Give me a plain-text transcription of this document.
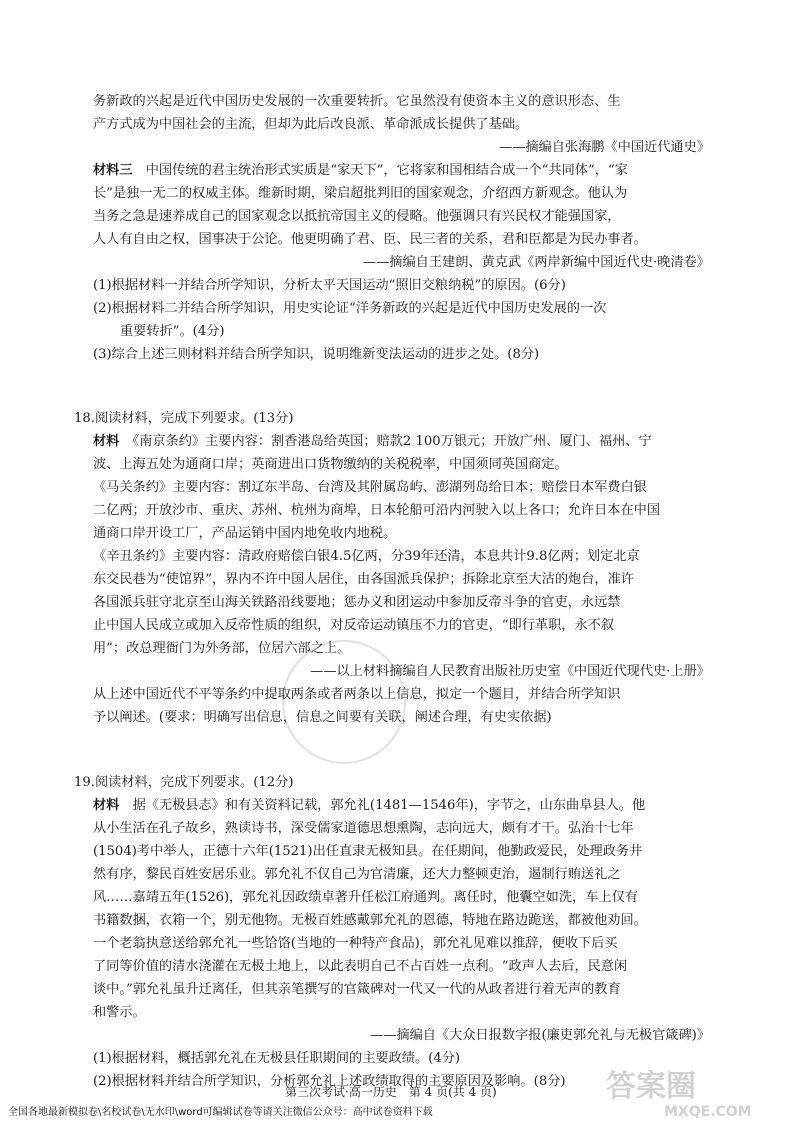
务新政的兴起是近代中国历史发展的一次重要转折。它虽然没有使资本主义的意识形态、生
产方式成为中国社会的主流，但却为此后改良派、革命派成长提供了基础。
——摘编自张海鹏《中国近代通史》
材料三　 中国传统的君主统治形式实质是“家天下”，它将家和国相结合成一个“共同体”，“家
长”是独一无二的权威主体。维新时期，梁启超批判旧的国家观念，介绍西方新观念。他认为
当务之急是速养成自己的国家观念以抵抗帝国主义的侵略。他强调只有兴民权才能强国家，
人人有自由之权，国事决于公论。他更明确了君、臣、民三者的关系，君和臣都是为民办事者。
——摘编自王建朗、黄克武《两岸新编中国近代史·晚清卷》
(1)根据材料一并结合所学知识，分析太平天国运动“照旧交粮纳税”的原因。(6分)
(2)根据材料二并结合所学知识，用史实论证“洋务新政的兴起是近代中国历史发展的一次
重要转折”。(4分)
(3)综合上述三则材料并结合所学知识，说明维新变法运动的进步之处。(8分)
18.阅读材料，完成下列要求。(13分)
材料　 《南京条约》主要内容：割香港岛给英国；赔款2 100万银元；开放广州、厦门、福州、宁
波、上海五处为通商口岸；英商进出口货物缴纳的关税税率，中国须同英国商定。
《马关条约》主要内容：割辽东半岛、台湾及其附属岛屿、澎湖列岛给日本；赔偿日本军费白银
二亿两；开放沙市、重庆、苏州、杭州为商埠，日本轮船可沿内河驶入以上各口；允许日本在中国
通商口岸开设工厂，产品运销中国内地免收内地税。
《辛丑条约》主要内容：清政府赔偿白银4.5亿两，分39年还清，本息共计9.8亿两；划定北京
东交民巷为“使馆界”，界内不许中国人居住，由各国派兵保护；拆除北京至大沽的炮台，准许
各国派兵驻守北京至山海关铁路沿线要地；惩办义和团运动中参加反帝斗争的官吏，永远禁
止中国人民成立或加入反帝性质的组织，对反帝运动镇压不力的官吏，“即行革职，永不叙
用”；改总理衙门为外务部，位居六部之上。
——以上材料摘编自人民教育出版社历史室《中国近代现代史·上册》
从上述中国近代不平等条约中提取两条或者两条以上信息，拟定一个题目，并结合所学知识
予以阐述。(要求：明确写出信息，信息之间要有关联，阐述合理，有史实依据)
19.阅读材料，完成下列要求。(12分)
材料　 据《无极县志》和有关资料记载，郭允礼(1481—1546年)，字节之，山东曲阜县人。他
从小生活在孔子故乡，熟读诗书，深受儒家道德思想熏陶，志向远大，颇有才干。弘治十七年
(1504)考中举人，正德十六年(1521)出任直隶无极知县。在任期间，他勤政爱民，处理政务井
然有序，黎民百姓安居乐业。郭允礼不仅自己为官清廉，还大力整顿吏治，遏制行贿送礼之
风……嘉靖五年(1526)，郭允礼因政绩卓著升任松江府通判。离任时，他囊空如洗，车上仅有
书籍数捆，衣箱一个，别无他物。无极百姓感戴郭允礼的恩德，特地在路边跪送，都被他劝回。
一个老翁执意送给郭允礼一些饸饹(当地的一种特产食品)，郭允礼见难以推辞，便收下后买
了同等价值的清水浇灌在无极土地上，以此表明自己不占百姓一点利。“政声人去后，民意闲
谈中。”郭允礼虽升迁离任，但其亲笔撰写的官箴碑对一代又一代的从政者进行着无声的教育
和警示。
——摘编自《大众日报数字报(廉吏郭允礼与无极官箴碑)》
(1)根据材料，概括郭允礼在无极县任职期间的主要政绩。(4分)
(2)根据材料并结合所学知识，分析郭允礼上述政绩取得的主要原因及影响。(8分)
第三次考试·高一历史　第 4 页(共 4 页)	答案圈
MXQE.COM
全国各地最新模拟卷\名校试卷\无水印\word可编辑试卷等请关注微信公众号：高中试卷资料下载
